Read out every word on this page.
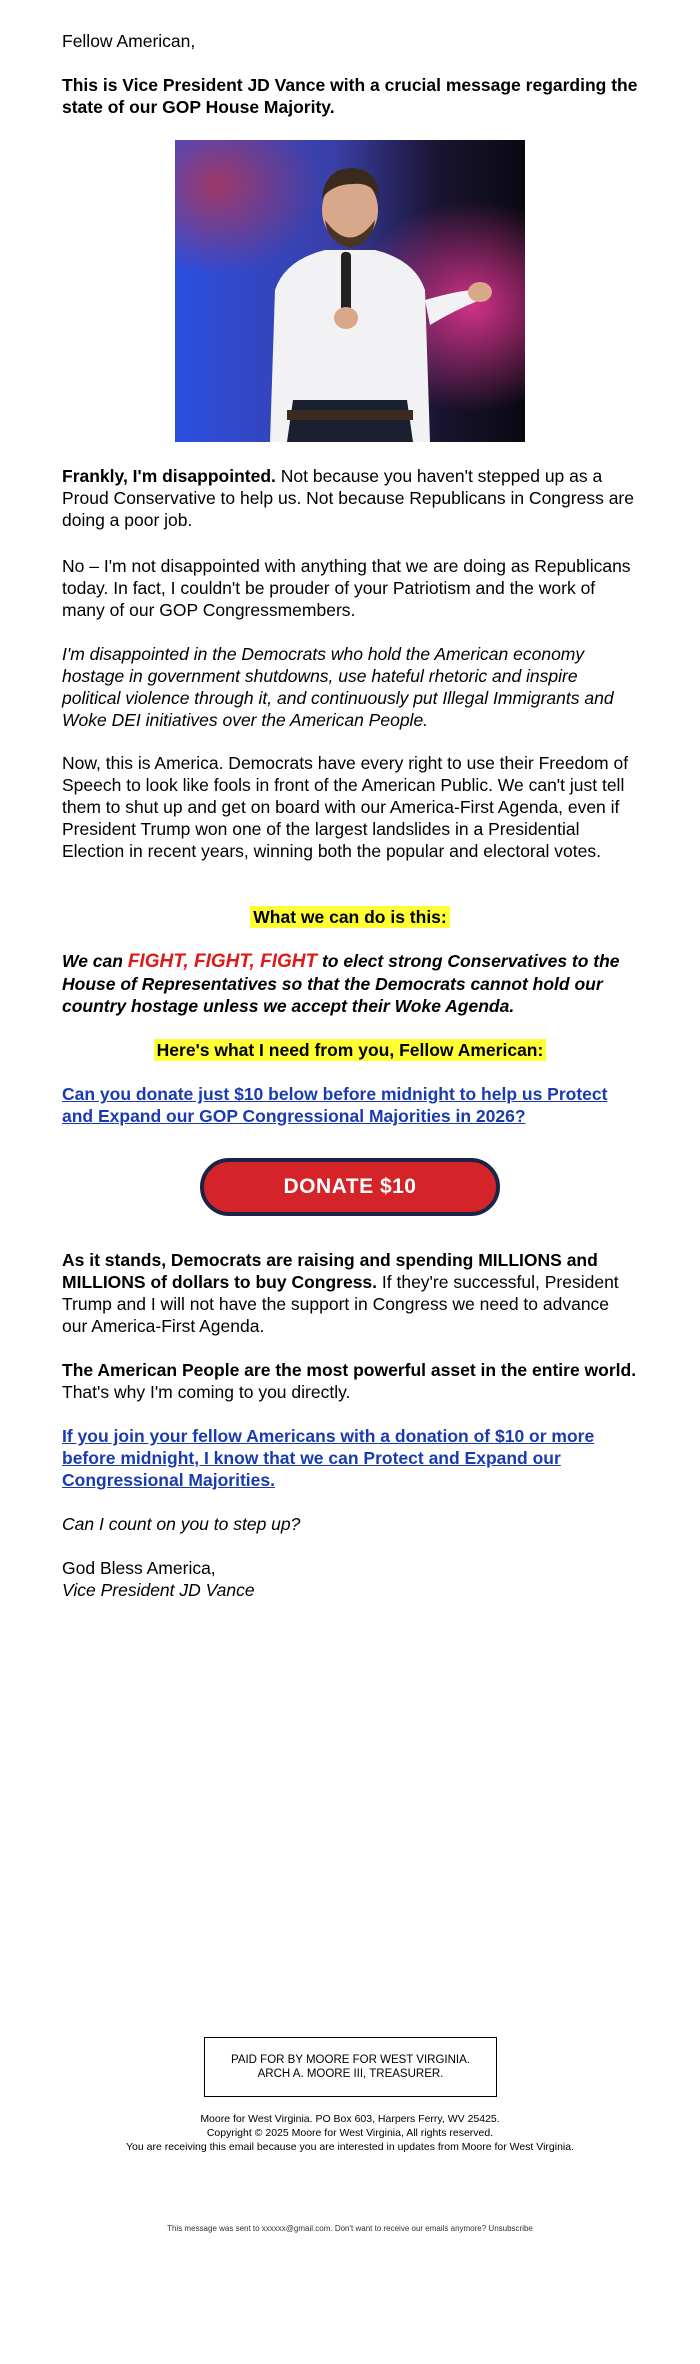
Fellow American,

This is Vice President JD Vance with a crucial message regarding the state of our GOP House Majority.

Frankly, I'm disappointed. Not because you haven't stepped up as a Proud Conservative to help us. Not because Republicans in Congress are doing a poor job.

No – I'm not disappointed with anything that we are doing as Republicans today. In fact, I couldn't be prouder of your Patriotism and the work of many of our GOP Congressmembers.

I'm disappointed in the Democrats who hold the American economy hostage in government shutdowns, use hateful rhetoric and inspire political violence through it, and continuously put Illegal Immigrants and Woke DEI initiatives over the American People.

Now, this is America. Democrats have every right to use their Freedom of Speech to look like fools in front of the American Public. We can't just tell them to shut up and get on board with our America-First Agenda, even if President Trump won one of the largest landslides in a Presidential Election in recent years, winning both the popular and electoral votes.

What we can do is this:

We can FIGHT, FIGHT, FIGHT to elect strong Conservatives to the House of Representatives so that the Democrats cannot hold our country hostage unless we accept their Woke Agenda.

Here's what I need from you, Fellow American:

Can you donate just $10 below before midnight to help us Protect and Expand our GOP Congressional Majorities in 2026?

DONATE $10

As it stands, Democrats are raising and spending MILLIONS and MILLIONS of dollars to buy Congress. If they're successful, President Trump and I will not have the support in Congress we need to advance our America-First Agenda.

The American People are the most powerful asset in the entire world. That's why I'm coming to you directly.

If you join your fellow Americans with a donation of $10 or more before midnight, I know that we can Protect and Expand our Congressional Majorities.

Can I count on you to step up?

God Bless America,

Vice President JD Vance

PAID FOR BY MOORE FOR WEST VIRGINIA.
ARCH A. MOORE III, TREASURER.
Moore for West Virginia. PO Box 603, Harpers Ferry, WV 25425.
Copyright © 2025 Moore for West Virginia, All rights reserved.
You are receiving this email because you are interested in updates from Moore for West Virginia.
This message was sent to xxxxxx@gmail.com. Don't want to receive our emails anymore? Unsubscribe
